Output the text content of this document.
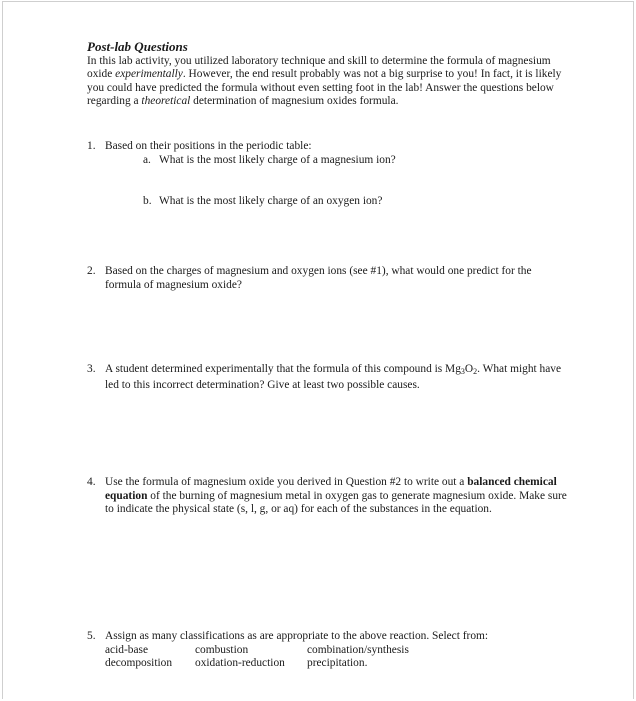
Post-lab Questions

In this lab activity, you utilized laboratory technique and skill to determine the formula of magnesium oxide experimentally. However, the end result probably was not a big surprise to you! In fact, it is likely you could have predicted the formula without even setting foot in the lab! Answer the questions below regarding a theoretical determination of magnesium oxides formula.

1. Based on their positions in the periodic table:
a. What is the most likely charge of a magnesium ion?
b. What is the most likely charge of an oxygen ion?
2. Based on the charges of magnesium and oxygen ions (see #1), what would one predict for the formula of magnesium oxide?
3. A student determined experimentally that the formula of this compound is Mg3O2. What might have led to this incorrect determination? Give at least two possible causes.
4. Use the formula of magnesium oxide you derived in Question #2 to write out a balanced chemical equation of the burning of magnesium metal in oxygen gas to generate magnesium oxide. Make sure to indicate the physical state (s, l, g, or aq) for each of the substances in the equation.
5. Assign as many classifications as are appropriate to the above reaction. Select from:
acid-base	combustion	combination/synthesis
decomposition	oxidation-reduction	precipitation.
